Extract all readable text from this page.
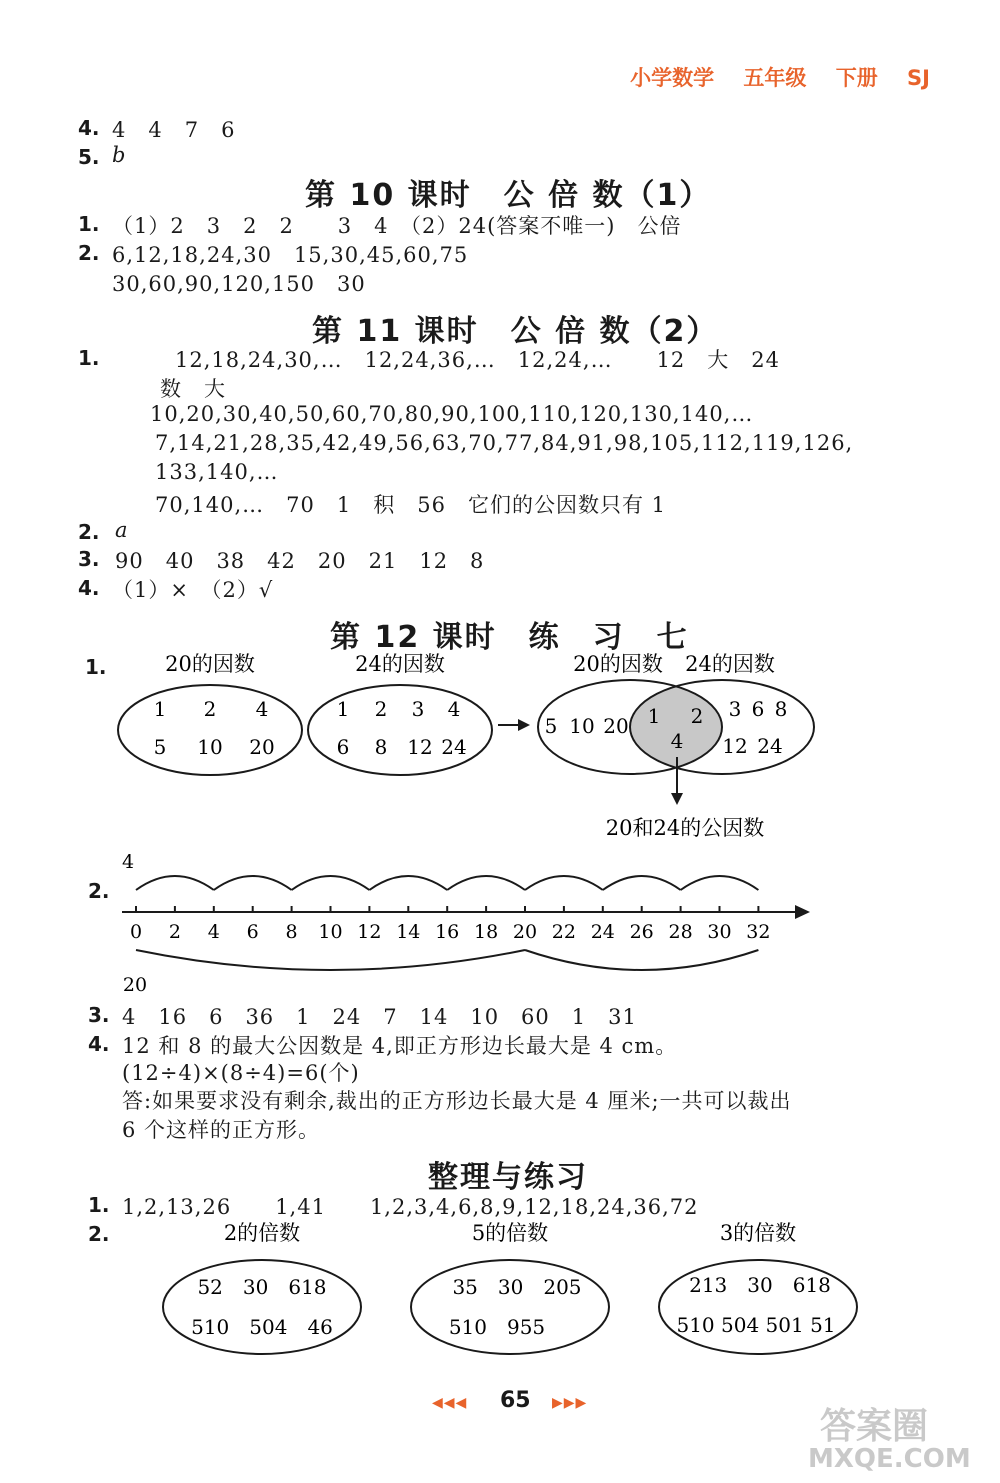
小学数学 五年级 下册 SJ
4. 4　4　7　6
5. b
第 10 课时　公 倍 数（1）
1. （1）2　3　2　2　　3　4　（2）24(答案不唯一)　公倍
2. 6,12,18,24,30　15,30,45,60,75
30,60,90,120,150　30
第 11 课时　公 倍 数（2）
1.	12,18,24,30,…　12,24,36,…　12,24,…　　12　大　24
数　大
10,20,30,40,50,60,70,80,90,100,110,120,130,140,…
7,14,21,28,35,42,49,56,63,70,77,84,91,98,105,112,119,126,
133,140,…
70,140,…　70　1　积　56　它们的公因数只有 1
2. a
3. 90　40　38　42　20　21　12　8
4. （1）×　（2）√
第 12 课时　练　习　七
1.	20的因数	24的因数
1 2 4
5 10 20
1 2 3 4
6 8 12 24
20的因数 24的因数
5 10 20 1 2
4
3 6 8
12 24
20和24的公因数
2.
4
20
0 2 4 6 8 10 12 14 16 18 20 22 24 26 28 30 32
3. 4　16　6　36　1　24　7　14　10　60　1　31
4. 12 和 8 的最大公因数是 4,即正方形边长最大是 4 cm。
(12÷4)×(8÷4)=6(个)
答:如果要求没有剩余,裁出的正方形边长最大是 4 厘米;一共可以裁出
6 个这样的正方形。
整理与练习
1. 1,2,13,26　　1,41　　1,2,3,4,6,8,9,12,18,24,36,72
2.	2的倍数	5的倍数	3的倍数
52　30　618
510　504　46
35　30　205
510　955
213　30　618
510 504 501 51
◀◀◀ 65 ▶▶▶
答案圈
MXQE.COM
